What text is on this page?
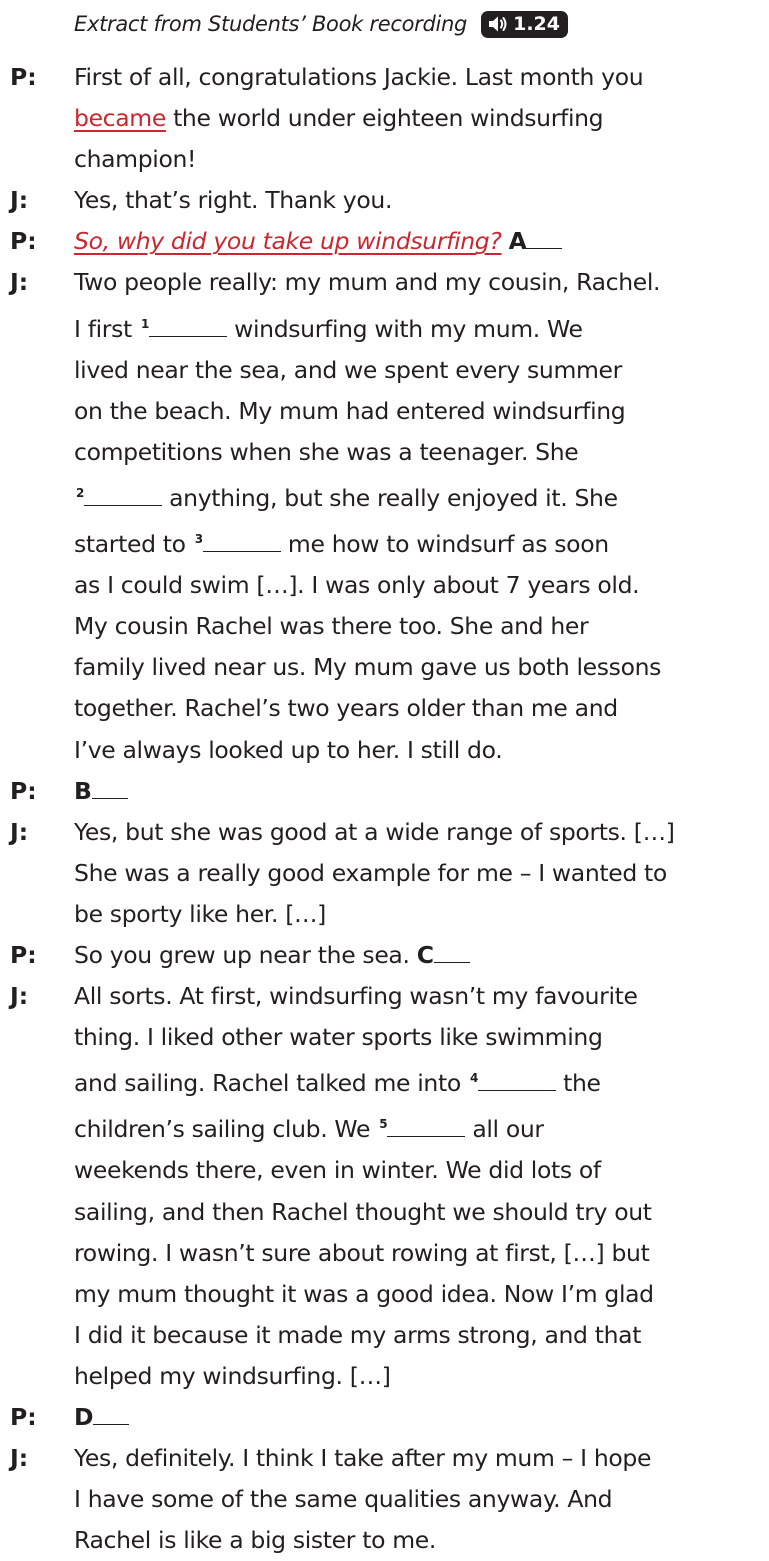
Extract from Students’ Book recording 1.24
P:	First of all, congratulations Jackie. Last month you
became the world under eighteen windsurfing
champion!
J:	Yes, that’s right. Thank you.
P:	So, why did you take up windsurfing? A
J:	Two people really: my mum and my cousin, Rachel.
I first $^1$	windsurfing with my mum. We
lived near the sea, and we spent every summer
on the beach. My mum had entered windsurfing
competitions when she was a teenager. She
$^2$	anything, but she really enjoyed it. She
started to $^3$	me how to windsurf as soon
as I could swim […]. I was only about 7 years old.
My cousin Rachel was there too. She and her
family lived near us. My mum gave us both lessons
together. Rachel’s two years older than me and
I’ve always looked up to her. I still do.
P:	B
J:	Yes, but she was good at a wide range of sports. […]
She was a really good example for me – I wanted to
be sporty like her. […]
P:	So you grew up near the sea. C
J:	All sorts. At first, windsurfing wasn’t my favourite
thing. I liked other water sports like swimming
and sailing. Rachel talked me into $^4$	the
children’s sailing club. We $^5$	all our
weekends there, even in winter. We did lots of
sailing, and then Rachel thought we should try out
rowing. I wasn’t sure about rowing at first, […] but
my mum thought it was a good idea. Now I’m glad
I did it because it made my arms strong, and that
helped my windsurfing. […]
P:	D
J:	Yes, definitely. I think I take after my mum – I hope
I have some of the same qualities anyway. And
Rachel is like a big sister to me.
